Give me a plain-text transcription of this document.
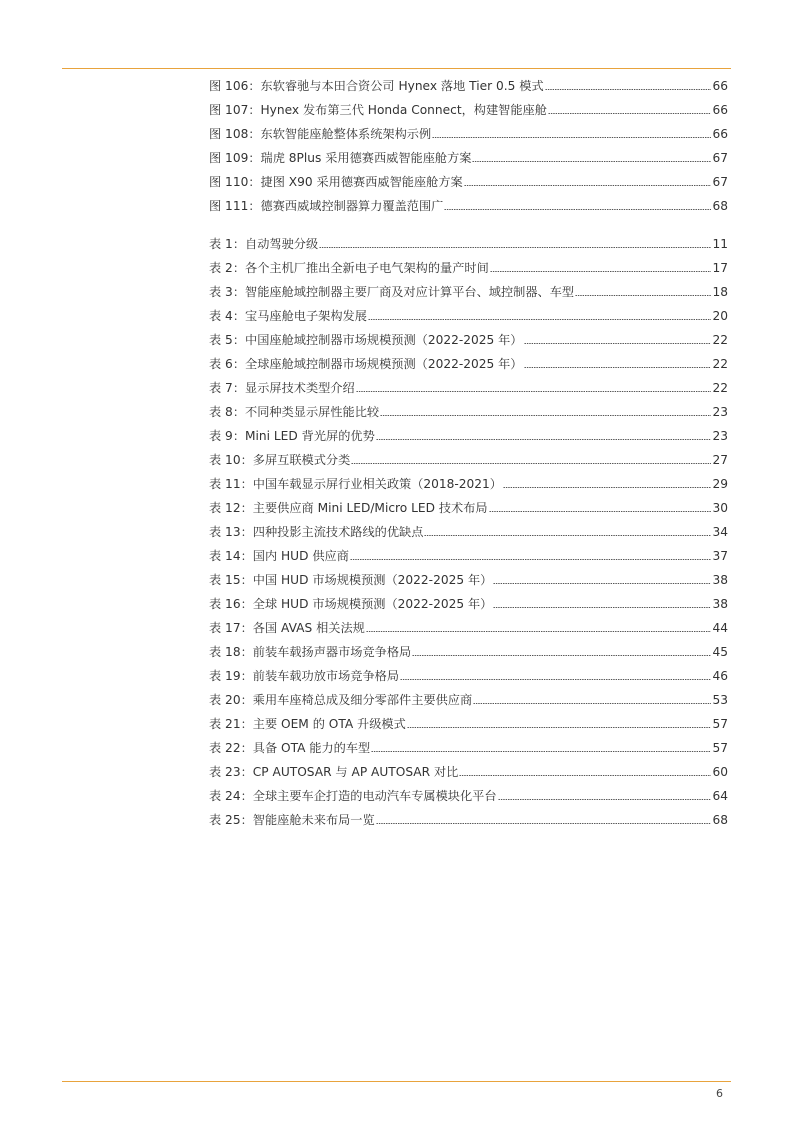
图 106：东软睿驰与本田合资公司 Hynex 落地 Tier 0.5 模式	66
图 107：Hynex 发布第三代 Honda Connect，构建智能座舱	66
图 108：东软智能座舱整体系统架构示例	66
图 109：瑞虎 8Plus 采用德赛西威智能座舱方案	67
图 110：捷图 X90 采用德赛西威智能座舱方案	67
图 111：德赛西威域控制器算力覆盖范围广	68
表 1：自动驾驶分级	11
表 2：各个主机厂推出全新电子电气架构的量产时间	17
表 3：智能座舱域控制器主要厂商及对应计算平台、域控制器、车型	18
表 4：宝马座舱电子架构发展	20
表 5：中国座舱域控制器市场规模预测（2022-2025 年）	22
表 6：全球座舱域控制器市场规模预测（2022-2025 年）	22
表 7：显示屏技术类型介绍	22
表 8：不同种类显示屏性能比较	23
表 9：Mini LED 背光屏的优势	23
表 10：多屏互联模式分类	27
表 11：中国车载显示屏行业相关政策（2018-2021）	29
表 12：主要供应商 Mini LED/Micro LED 技术布局	30
表 13：四种投影主流技术路线的优缺点	34
表 14：国内 HUD 供应商	37
表 15：中国 HUD 市场规模预测（2022-2025 年）	38
表 16：全球 HUD 市场规模预测（2022-2025 年）	38
表 17：各国 AVAS 相关法规	44
表 18：前装车载扬声器市场竞争格局	45
表 19：前装车载功放市场竞争格局	46
表 20：乘用车座椅总成及细分零部件主要供应商	53
表 21：主要 OEM 的 OTA 升级模式	57
表 22：具备 OTA 能力的车型	57
表 23：CP AUTOSAR 与 AP AUTOSAR 对比	60
表 24：全球主要车企打造的电动汽车专属模块化平台	64
表 25：智能座舱未来布局一览	68
6
